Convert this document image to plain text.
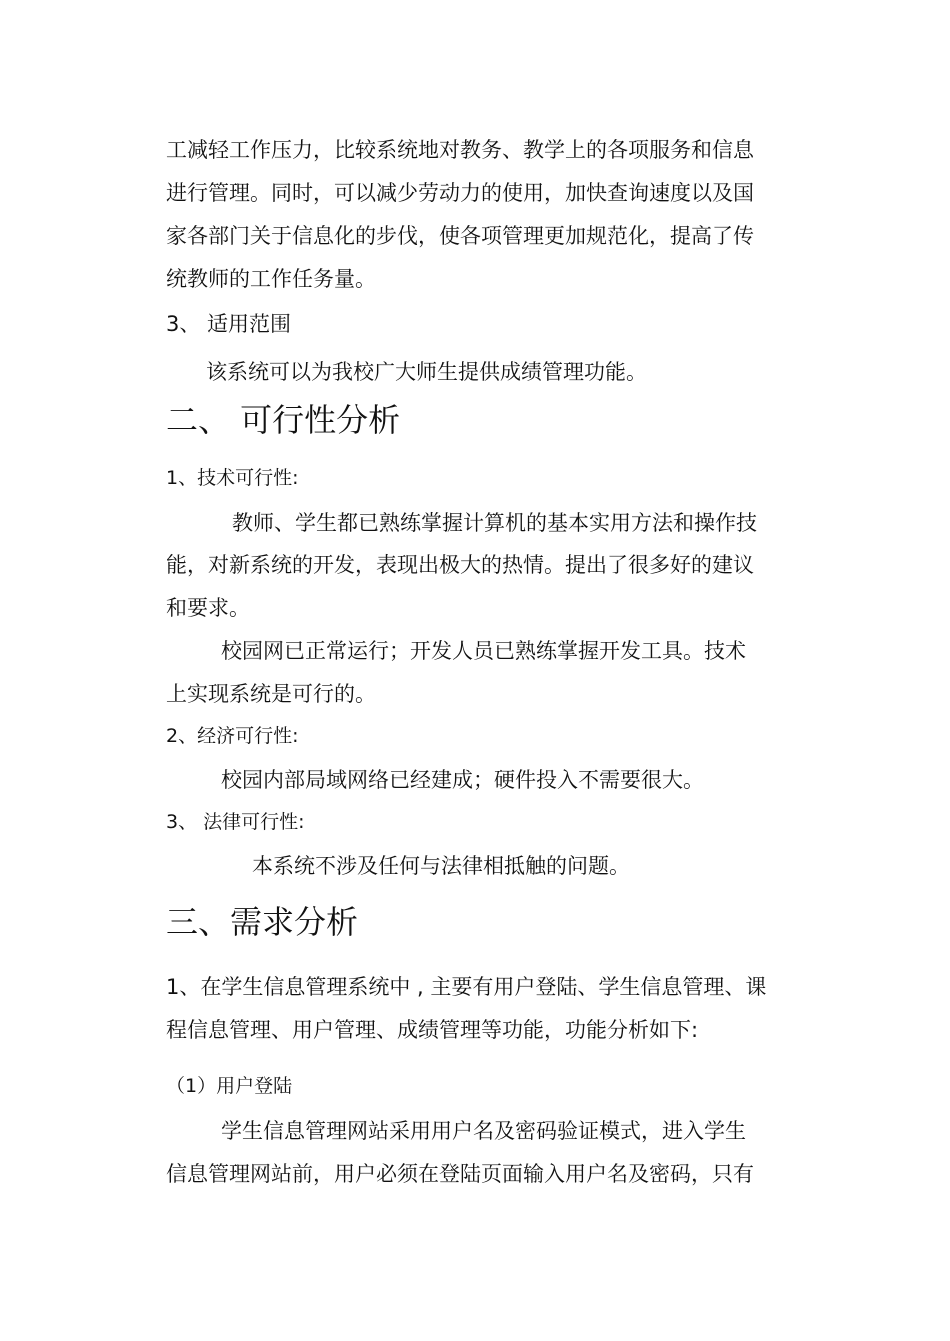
工减轻工作压力，比较系统地对教务、教学上的各项服务和信息

进行管理。同时，可以减少劳动力的使用，加快查询速度以及国

家各部门关于信息化的步伐，使各项管理更加规范化，提高了传

统教师的工作任务量。

3、 适用范围

该系统可以为我校广大师生提供成绩管理功能。

二、 可行性分析

1、技术可行性:

教师、学生都已熟练掌握计算机的基本实用方法和操作技

能，对新系统的开发，表现出极大的热情。提出了很多好的建议

和要求。

校园网已正常运行；开发人员已熟练掌握开发工具。技术

上实现系统是可行的。

2、经济可行性:

校园内部局域网络已经建成；硬件投入不需要很大。

3、 法律可行性:

本系统不涉及任何与法律相抵触的问题。

三、需求分析

1、在学生信息管理系统中 , 主要有用户登陆、学生信息管理、课

程信息管理、用户管理、成绩管理等功能，功能分析如下:

（1）用户登陆

学生信息管理网站采用用户名及密码验证模式，进入学生

信息管理网站前，用户必须在登陆页面输入用户名及密码，只有
